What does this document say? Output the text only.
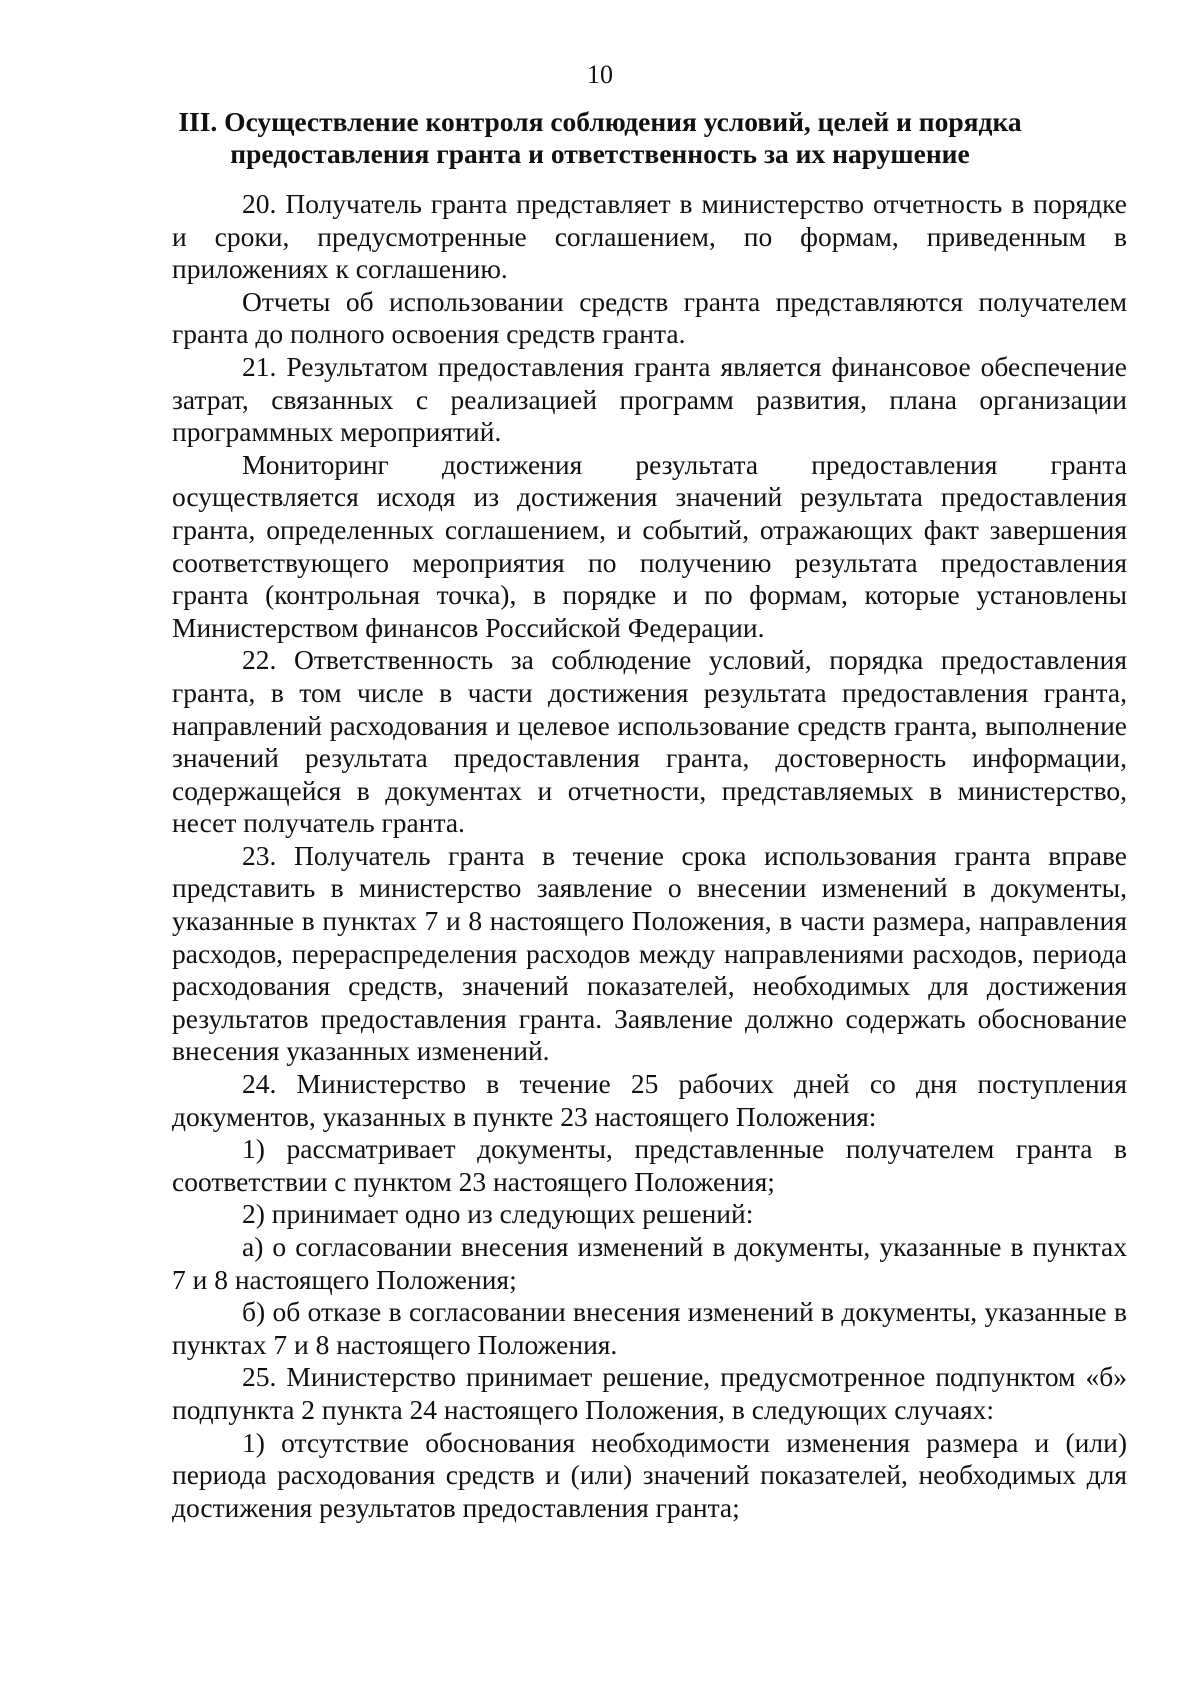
10
III. Осуществление контроля соблюдения условий, целей и порядка
предоставления гранта и ответственность за их нарушение

20. Получатель гранта представляет в министерство отчетность в порядке и сроки, предусмотренные соглашением, по формам, приведенным в приложениях к соглашению.

Отчеты об использовании средств гранта представляются получателем гранта до полного освоения средств гранта.

21. Результатом предоставления гранта является финансовое обеспечение затрат, связанных с реализацией программ развития, плана организации программных мероприятий.

Мониторинг достижения результата предоставления гранта осуществляется исходя из достижения значений результата предоставления гранта, определенных соглашением, и событий, отражающих факт завершения соответствующего мероприятия по получению результата предоставления гранта (контрольная точка), в порядке и по формам, которые установлены Министерством финансов Российской Федерации.

22. Ответственность за соблюдение условий, порядка предоставления гранта, в том числе в части достижения результата предоставления гранта, направлений расходования и целевое использование средств гранта, выполнение значений результата предоставления гранта, достоверность информации, содержащейся в документах и отчетности, представляемых в министерство, несет получатель гранта.

23. Получатель гранта в течение срока использования гранта вправе представить в министерство заявление о внесении изменений в документы, указанные в пунктах 7 и 8 настоящего Положения, в части размера, направления расходов, перераспределения расходов между направлениями расходов, периода расходования средств, значений показателей, необходимых для достижения результатов предоставления гранта. Заявление должно содержать обоснование внесения указанных изменений.

24. Министерство в течение 25 рабочих дней со дня поступления документов, указанных в пункте 23 настоящего Положения:

1) рассматривает документы, представленные получателем гранта в соответствии с пунктом 23 настоящего Положения;

2) принимает одно из следующих решений:

а) о согласовании внесения изменений в документы, указанные в пунктах 7 и 8 настоящего Положения;

б) об отказе в согласовании внесения изменений в документы, указанные в пунктах 7 и 8 настоящего Положения.

25. Министерство принимает решение, предусмотренное подпунктом «б» подпункта 2 пункта 24 настоящего Положения, в следующих случаях:

1) отсутствие обоснования необходимости изменения размера и (или) периода расходования средств и (или) значений показателей, необходимых для достижения результатов предоставления гранта;
